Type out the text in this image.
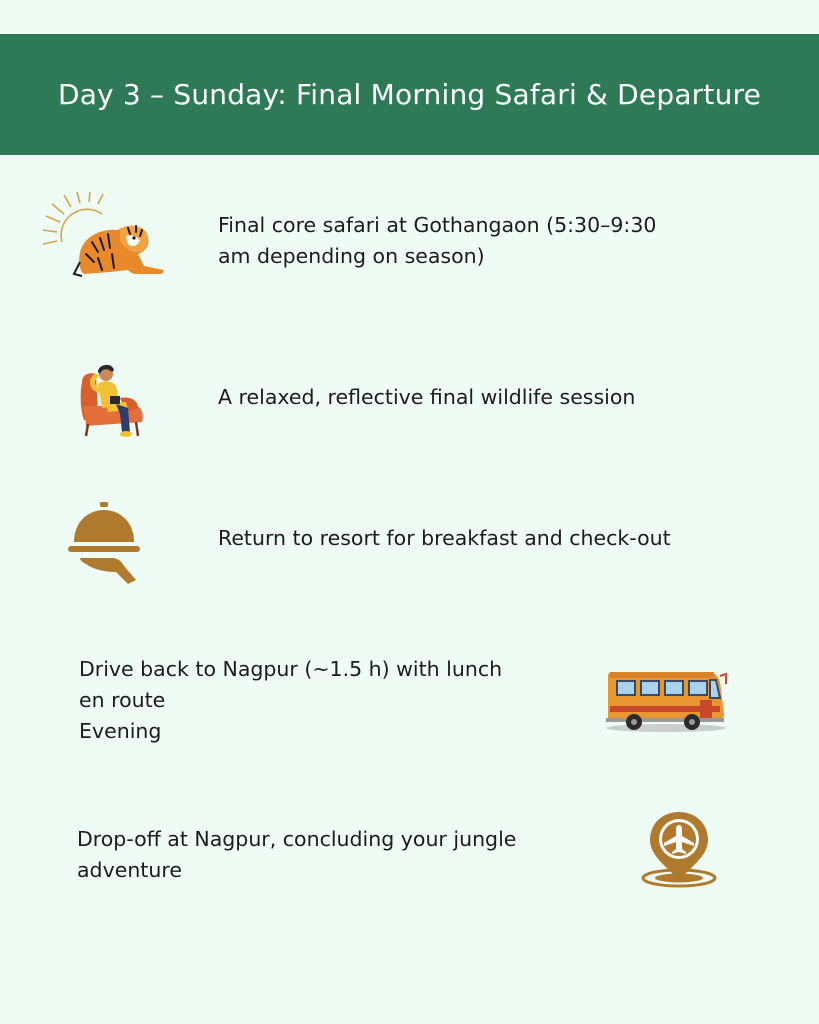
Day 3 – Sunday: Final Morning Safari & Departure
Final core safari at Gothangaon (5:30–9:30
am depending on season)
A relaxed, reflective final wildlife session
Return to resort for breakfast and check-out
Drive back to Nagpur (~1.5 h) with lunch
en route
Evening
Drop-off at Nagpur, concluding your jungle
adventure
